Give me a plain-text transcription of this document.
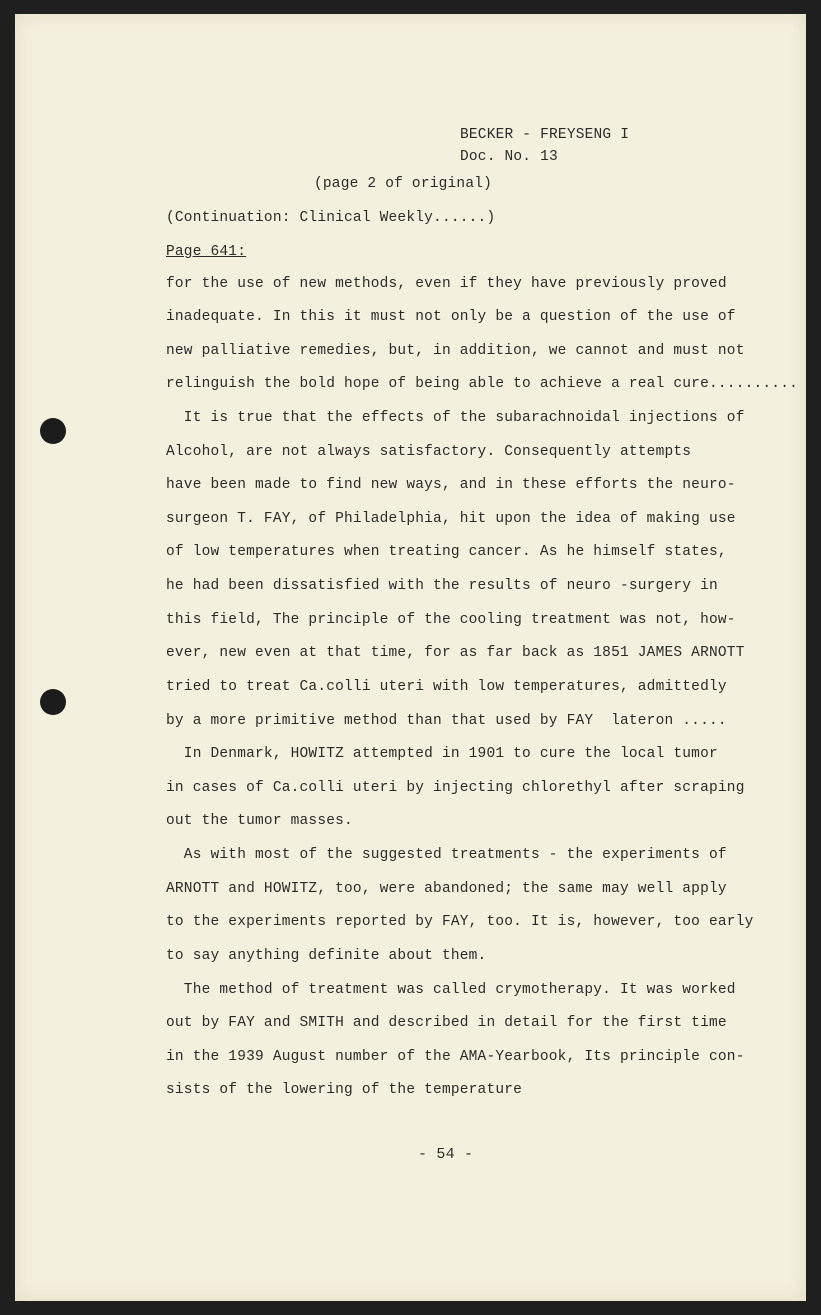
BECKER - FREYSENG I
Doc. No. 13
(page 2 of original)
(Continuation: Clinical Weekly......)
Page 641:
for the use of new methods, even if they have previously proved
inadequate. In this it must not only be a question of the use of
new palliative remedies, but, in addition, we cannot and must not
relinguish the bold hope of being able to achieve a real cure..........
It is true that the effects of the subarachnoidal injections of
Alcohol, are not always satisfactory. Consequently attempts
have been made to find new ways, and in these efforts the neuro-
surgeon T. FAY, of Philadelphia, hit upon the idea of making use
of low temperatures when treating cancer. As he himself states,
he had been dissatisfied with the results of neuro -surgery in
this field, The principle of the cooling treatment was not, how-
ever, new even at that time, for as far back as 1851 JAMES ARNOTT
tried to treat Ca.colli uteri with low temperatures, admittedly
by a more primitive method than that used by FAY  lateron .....
In Denmark, HOWITZ attempted in 1901 to cure the local tumor
in cases of Ca.colli uteri by injecting chlorethyl after scraping
out the tumor masses.
As with most of the suggested treatments - the experiments of
ARNOTT and HOWITZ, too, were abandoned; the same may well apply
to the experiments reported by FAY, too. It is, however, too early
to say anything definite about them.
The method of treatment was called crymotherapy. It was worked
out by FAY and SMITH and described in detail for the first time
in the 1939 August number of the AMA-Yearbook, Its principle con-
sists of the lowering of the temperature
- 54 -
